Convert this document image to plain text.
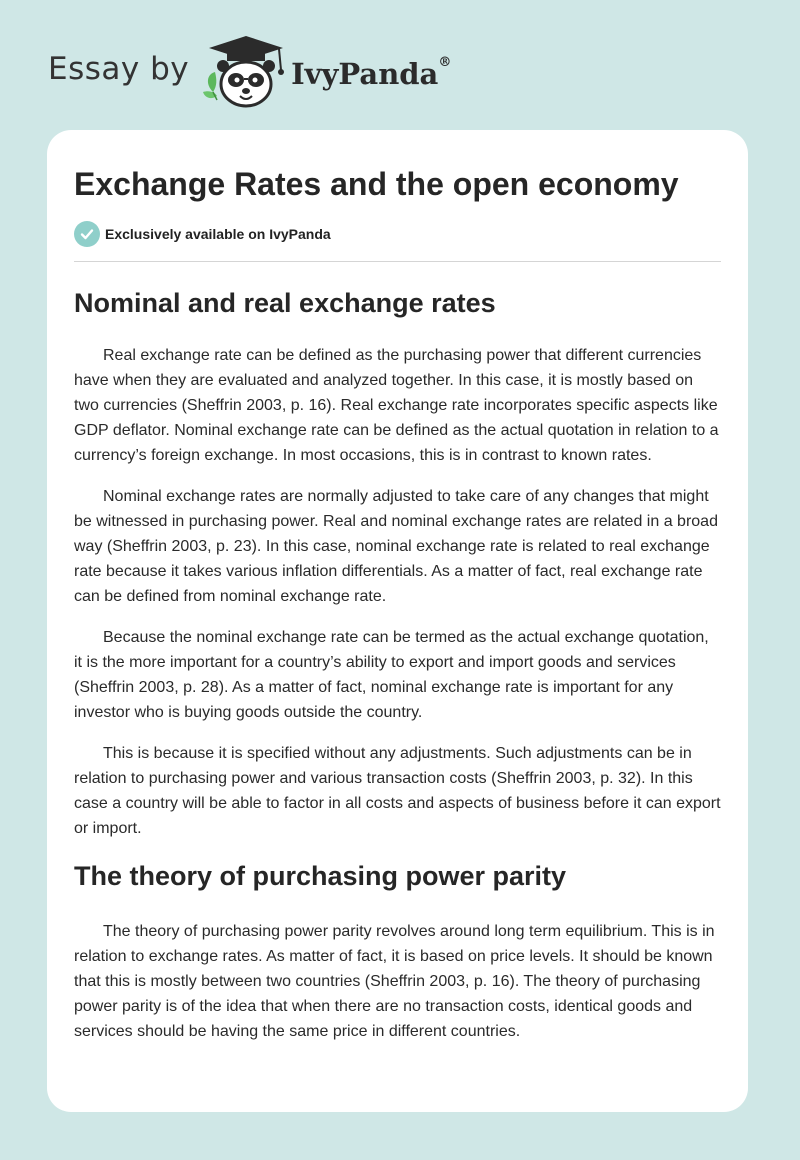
Essay by	IvyPanda®
Exchange Rates and the open economy
Exclusively available on IvyPanda
Nominal and real exchange rates

Real exchange rate can be defined as the purchasing power that different currencies have when they are evaluated and analyzed together. In this case, it is mostly based on two currencies (Sheffrin 2003, p. 16). Real exchange rate incorporates specific aspects like GDP deflator. Nominal exchange rate can be defined as the actual quotation in relation to a currency’s foreign exchange. In most occasions, this is in contrast to known rates.

Nominal exchange rates are normally adjusted to take care of any changes that might be witnessed in purchasing power. Real and nominal exchange rates are related in a broad way (Sheffrin 2003, p. 23). In this case, nominal exchange rate is related to real exchange rate because it takes various inflation differentials. As a matter of fact, real exchange rate can be defined from nominal exchange rate.

Because the nominal exchange rate can be termed as the actual exchange quotation, it is the more important for a country’s ability to export and import goods and services (Sheffrin 2003, p. 28). As a matter of fact, nominal exchange rate is important for any investor who is buying goods outside the country.

This is because it is specified without any adjustments. Such adjustments can be in relation to purchasing power and various transaction costs (Sheffrin 2003, p. 32). In this case a country will be able to factor in all costs and aspects of business before it can export or import.

The theory of purchasing power parity

The theory of purchasing power parity revolves around long term equilibrium. This is in relation to exchange rates. As matter of fact, it is based on price levels. It should be known that this is mostly between two countries (Sheffrin 2003, p. 16). The theory of purchasing power parity is of the idea that when there are no transaction costs, identical goods and services should be having the same price in different countries.
